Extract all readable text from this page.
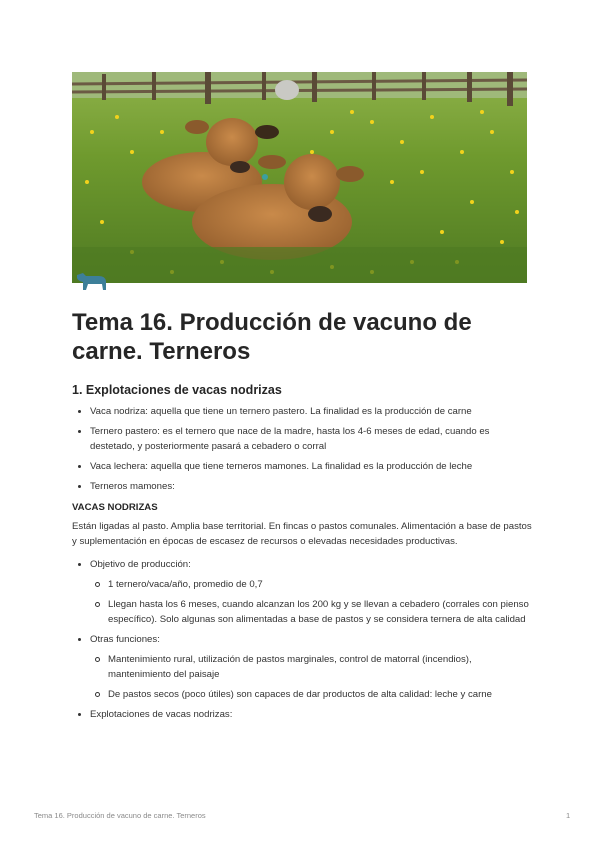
Tema 16. Producción de vacuno de carne. Terneros
1. Explotaciones de vacas nodrizas
Vaca nodriza: aquella que tiene un ternero pastero. La finalidad es la producción de carne
Ternero pastero: es el ternero que nace de la madre, hasta los 4-6 meses de edad, cuando es destetado, y posteriormente pasará a cebadero o corral
Vaca lechera: aquella que tiene terneros mamones. La finalidad es la producción de leche
Terneros mamones:
VACAS NODRIZAS

Están ligadas al pasto. Amplia base territorial. En fincas o pastos comunales. Alimentación a base de pastos y suplementación en épocas de escasez de recursos o elevadas necesidades productivas.

Objetivo de producción:
1 ternero/vaca/año, promedio de 0,7
Llegan hasta los 6 meses, cuando alcanzan los 200 kg y se llevan a cebadero (corrales con pienso específico). Solo algunas son alimentadas a base de pastos y se considera ternera de alta calidad
Otras funciones:
Mantenimiento rural, utilización de pastos marginales, control de matorral (incendios), mantenimiento del paisaje
De pastos secos (poco útiles) son capaces de dar productos de alta calidad: leche y carne
Explotaciones de vacas nodrizas:
Tema 16. Producción de vacuno de carne. Terneros	1
